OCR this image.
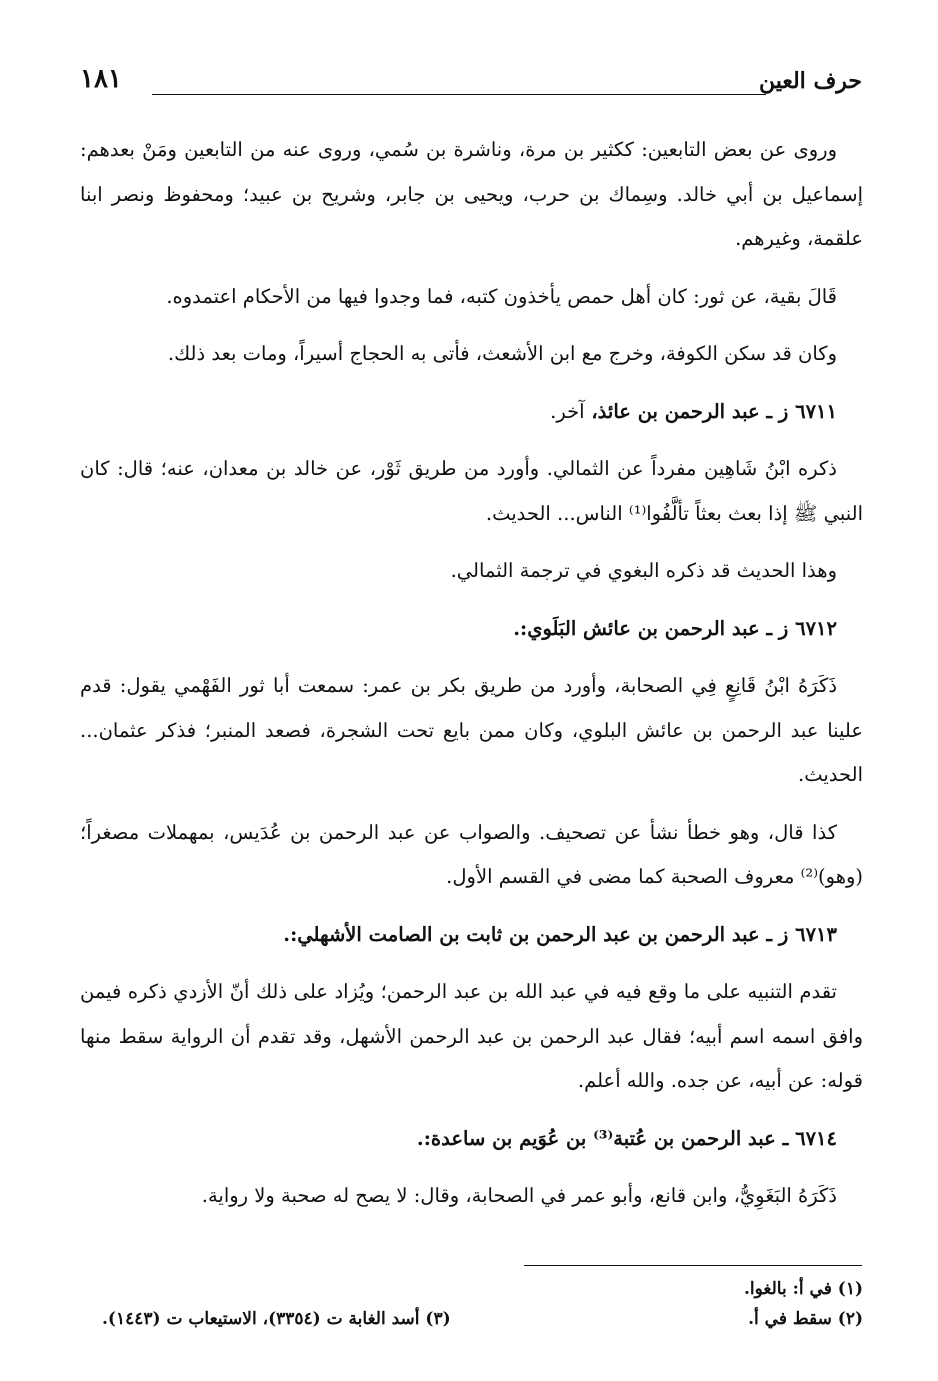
حرف العين
١٨١

وروى عن بعض التابعين: ككثير بن مرة، وناشرة بن سُمي، وروى عنه من التابعين ومَنْ بعدهم: إسماعيل بن أبي خالد. وسِماك بن حرب، ويحيى بن جابر، وشريح بن عبيد؛ ومحفوظ ونصر ابنا علقمة، وغيرهم.

قَالَ بقية، عن ثور: كان أهل حمص يأخذون كتبه، فما وجدوا فيها من الأحكام اعتمدوه.

وكان قد سكن الكوفة، وخرج مع ابن الأشعث، فأتى به الحجاج أسيراً، ومات بعد ذلك.

٦٧١١ ز ـ عبد الرحمن بن عائذ، آخر.

ذكره ابْنُ شَاهِين مفرداً عن الثمالي. وأورد من طريق ثَوْر، عن خالد بن معدان، عنه؛ قال: كان النبي ﷺ إذا بعث بعثاً تألَّفُوا⁽¹⁾ الناس... الحديث.

وهذا الحديث قد ذكره البغوي في ترجمة الثمالي.

٦٧١٢ ز ـ عبد الرحمن بن عائش البَلَوي:.

ذَكَرَهُ ابْنُ قَانِعٍ فِي الصحابة، وأورد من طريق بكر بن عمر: سمعت أبا ثور الفَهْمي يقول: قدم علينا عبد الرحمن بن عائش البلوي، وكان ممن بايع تحت الشجرة، فصعد المنبر؛ فذكر عثمان... الحديث.

كذا قال، وهو خطأ نشأ عن تصحيف. والصواب عن عبد الرحمن بن عُدَيس، بمهملات مصغراً؛ (وهو)⁽²⁾ معروف الصحبة كما مضى في القسم الأول.

٦٧١٣ ز ـ عبد الرحمن بن عبد الرحمن بن ثابت بن الصامت الأشهلي:.

تقدم التنبيه على ما وقع فيه في عبد الله بن عبد الرحمن؛ ويُزاد على ذلك أنّ الأزدي ذكره فيمن وافق اسمه اسم أبيه؛ فقال عبد الرحمن بن عبد الرحمن الأشهل، وقد تقدم أن الرواية سقط منها قوله: عن أبيه، عن جده. والله أعلم.

٦٧١٤ ـ عبد الرحمن بن عُتبة⁽³⁾ بن عُوَيم بن ساعدة:.

ذَكَرَهُ البَغَوِيُّ، وابن قانع، وأبو عمر في الصحابة، وقال: لا يصح له صحبة ولا رواية.

(١) في أ: بالغوا.
(٢) سقط في أ.
(٣) أسد الغابة ت (٣٣٥٤)، الاستيعاب ت (١٤٤٣).
